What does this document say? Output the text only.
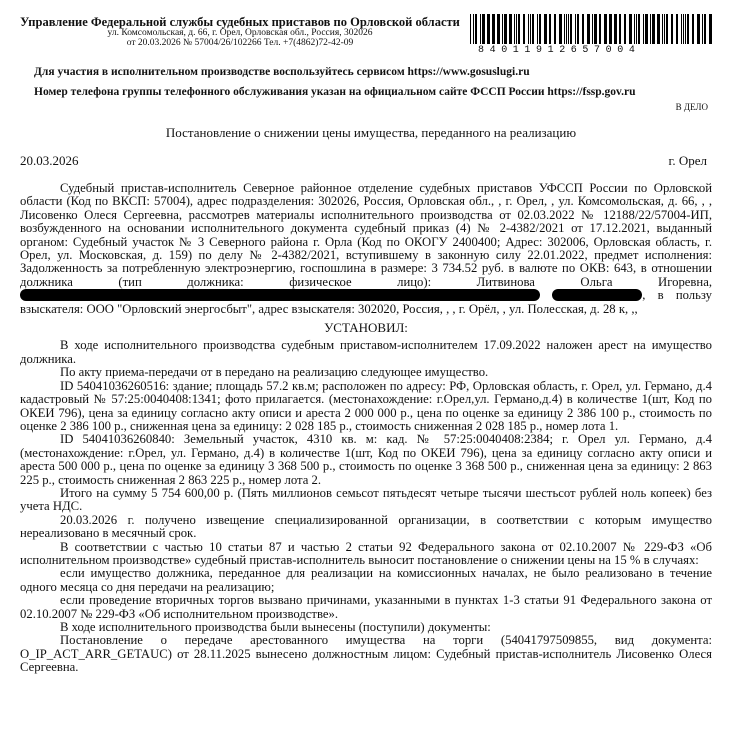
Управление Федеральной службы судебных приставов по Орловской области
ул. Комсомольская, д. 66, г. Орел, Орловская обл., Россия, 302026
от 20.03.2026 № 57004/26/102266 Тел. +7(4862)72-42-09
84011912657004
Для участия в исполнительном производстве воспользуйтесь сервисом https://www.gosuslugi.ru
Номер телефона группы телефонного обслуживания указан на официальном сайте ФССП России https://fssp.gov.ru
В ДЕЛО
Постановление о снижении цены имущества, переданного на реализацию
20.03.2026	г. Орел

Судебный пристав-исполнитель Северное районное отделение судебных приставов УФССП России по Орловской области (Код по ВКСП: 57004), адрес подразделения: 302026, Россия, Орловская обл., , г. Орел, , ул. Комсомольская, д. 66, , , Лисовенко Олеся Сергеевна, рассмотрев материалы исполнительного производства от 02.03.2022 № 12188/22/57004-ИП, возбужденного на основании исполнительного документа судебный приказ (4) № 2-4382/2021 от 17.12.2021, выданный органом: Судебный участок № 3 Северного района г. Орла (Код по ОКОГУ 2400400; Адрес: 302006, Орловская область, г. Орел, ул. Московская, д. 159) по делу № 2-4382/2021, вступившему в законную силу 22.01.2022, предмет исполнения: Задолженность за потребленную электроэнергию, госпошлина в размере: 3 734.52 руб. в валюте по ОКВ: 643, в отношении должника (тип должника: физическое лицо):	Литвинова Ольга Игоревна,  , в пользу взыскателя: ООО "Орловский энергосбыт", адрес взыскателя: 302020, Россия, , , г. Орёл, , ул. Полесская, д. 28 к, ,,

УСТАНОВИЛ:

В ходе исполнительного производства судебным приставом-исполнителем 17.09.2022 наложен арест на имущество должника.

По акту приема-передачи от в передано на реализацию следующее имущество.

ID 54041036260516: здание; площадь 57.2 кв.м; расположен по адресу: РФ, Орловская область, г. Орел, ул. Германо, д.4 кадастровый № 57:25:0040408:1341; фото прилагается. (местонахождение: г.Орел,ул. Германо,д.4) в количестве 1(шт, Код по ОКЕИ 796), цена за единицу согласно акту описи и ареста 2 000 000 р., цена по оценке за единицу 2 386 100 р., стоимость по оценке 2 386 100 р., сниженная цена за единицу: 2 028 185 р., стоимость сниженная 2 028 185 р., номер лота 1.

ID 54041036260840: Земельный участок, 4310 кв. м: кад. № 57:25:0040408:2384; г. Орел ул. Германо, д.4 (местонахождение: г.Орел, ул. Германо, д.4) в количестве 1(шт, Код по ОКЕИ 796), цена за единицу согласно акту описи и ареста 500 000 р., цена по оценке за единицу 3 368 500 р., стоимость по оценке 3 368 500 р., сниженная цена за единицу: 2 863 225 р., стоимость сниженная 2 863 225 р., номер лота 2.

Итого на сумму 5 754 600,00 р. (Пять миллионов семьсот пятьдесят четыре тысячи шестьсот рублей ноль копеек) без учета НДС.

20.03.2026 г. получено извещение специализированной организации, в соответствии с которым имущество нереализовано в месячный срок.

В соответствии с частью 10 статьи 87 и частью 2 статьи 92 Федерального закона от 02.10.2007 № 229-ФЗ «Об исполнительном производстве» судебный пристав-исполнитель выносит постановление о снижении цены на 15 % в случаях:

если имущество должника, переданное для реализации на комиссионных началах, не было реализовано в течение одного месяца со дня передачи на реализацию;

если проведение вторичных торгов вызвано причинами, указанными в пунктах 1-3 статьи 91 Федерального закона от 02.10.2007 № 229-ФЗ «Об исполнительном производстве».

В ходе исполнительного производства были вынесены (поступили) документы:

Постановление о передаче арестованного имущества на торги (54041797509855, вид документа: O_IP_ACT_ARR_GETAUC) от 28.11.2025 вынесено должностным лицом: Судебный пристав-исполнитель Лисовенко Олеся Сергеевна.
